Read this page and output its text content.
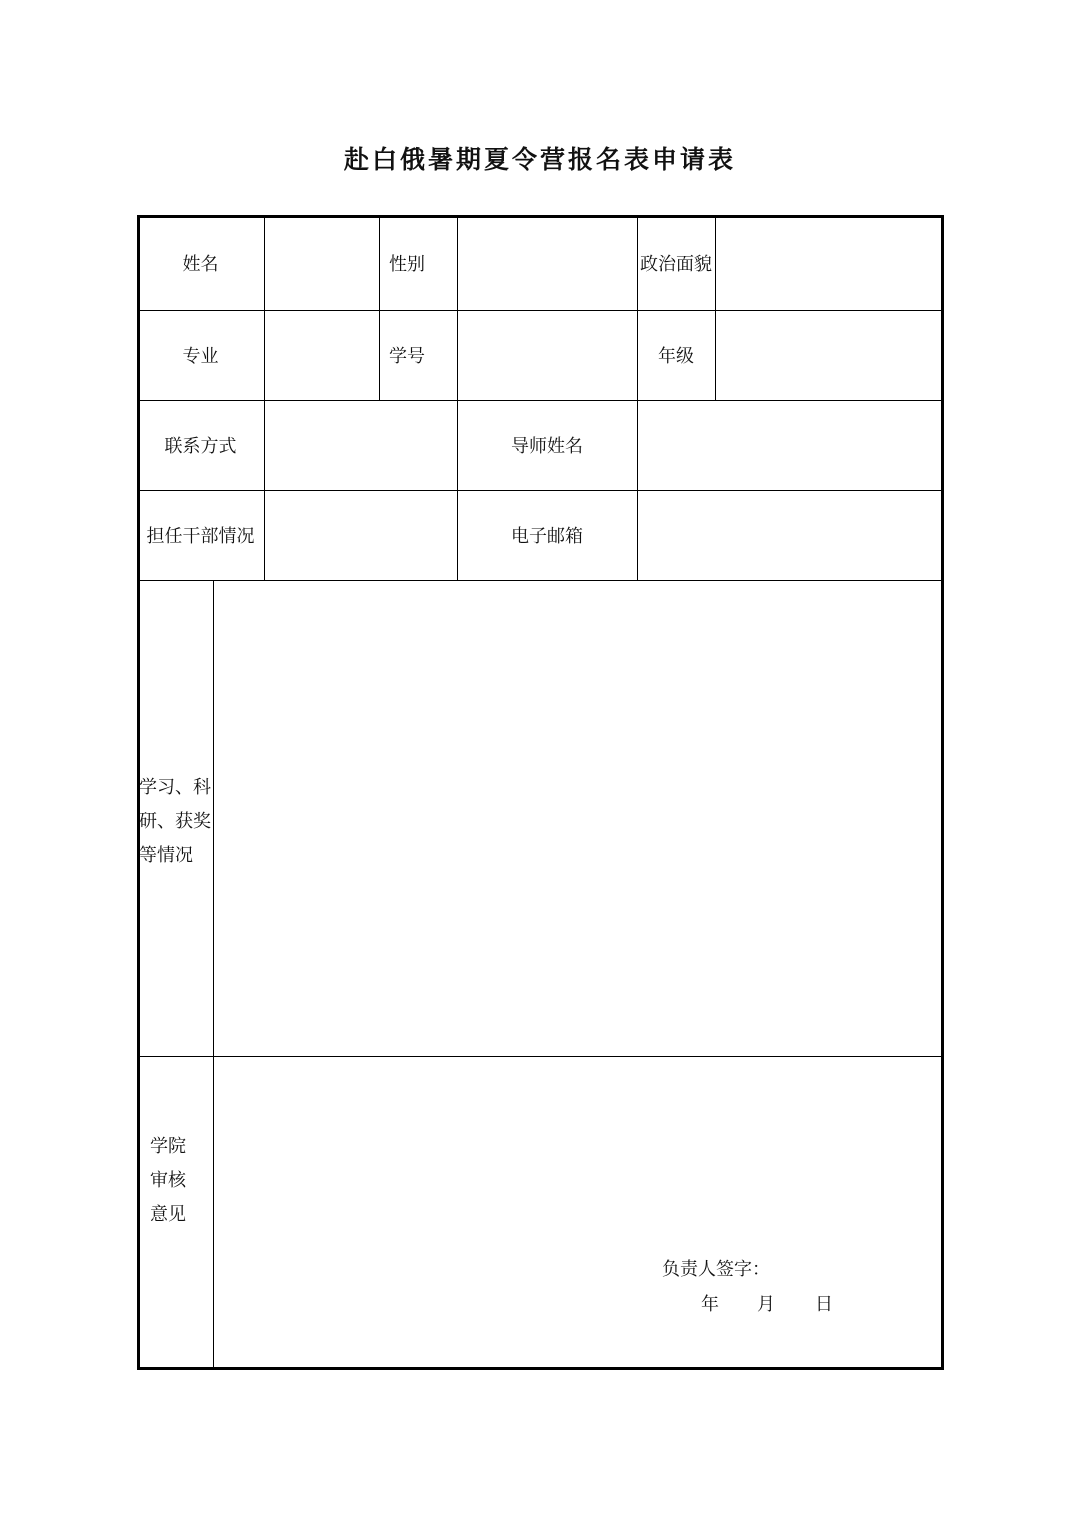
赴白俄暑期夏令营报名表申请表
姓名	性别	政治面貌
专业	学号	年级
联系方式	导师姓名
担任干部情况	电子邮箱
学习、科
研、获奖
等情况
学院
审核
意见
负责人签字：
年 月 日
